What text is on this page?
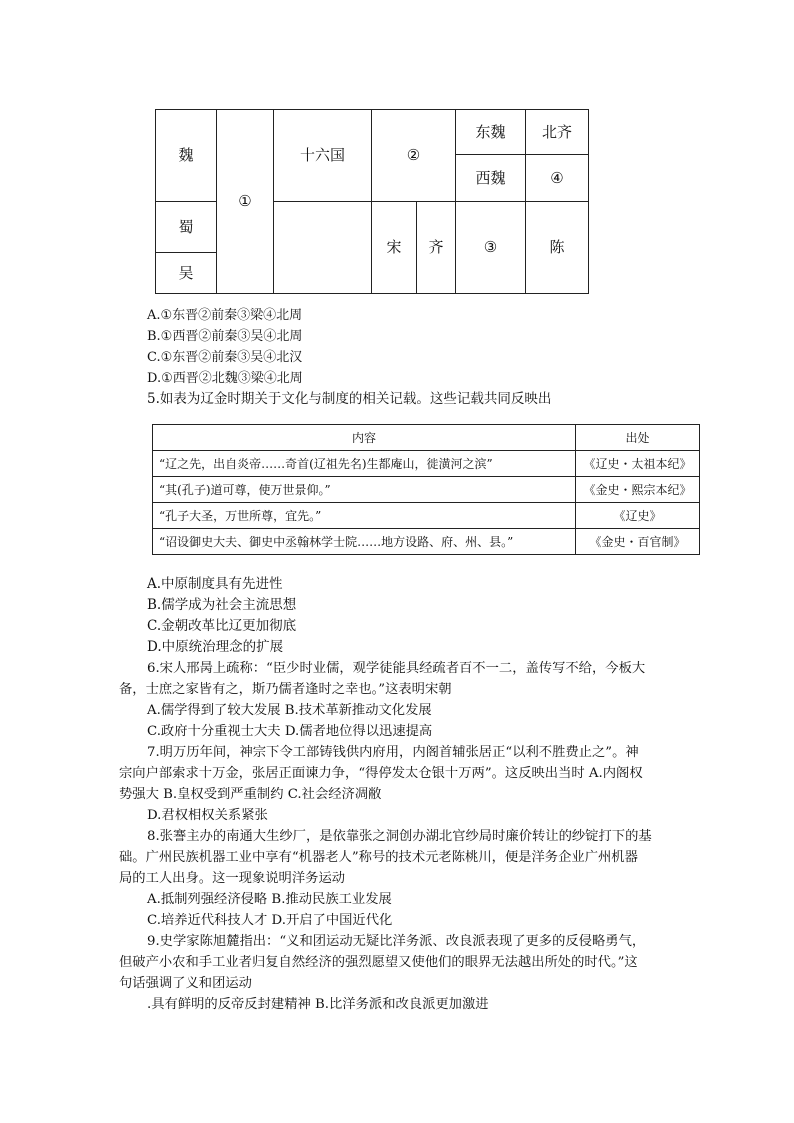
魏	①	十六国	②		东魏	北齐
					西魏	④
蜀			宋	齐	③	陈
吴						
A.①东晋②前秦③梁④北周
B.①西晋②前秦③吴④北周
C.①东晋②前秦③吴④北汉
D.①西晋②北魏③梁④北周
5.如表为辽金时期关于文化与制度的相关记载。这些记载共同反映出
内容	出处
“辽之先，出自炎帝……奇首(辽祖先名)生都庵山，徙潢河之滨”	《辽史・太祖本纪》
“其(孔子)道可尊，使万世景仰。”	《金史・熙宗本纪》
“孔子大圣，万世所尊，宜先。”	《辽史》
“诏设御史大夫、御史中丞翰林学士院……地方设路、府、州、县。”	《金史・百官制》
A.中原制度具有先进性
B.儒学成为社会主流思想
C.金朝改革比辽更加彻底
D.中原统治理念的扩展
6.宋人邢昺上疏称：“臣少时业儒，观学徒能具经疏者百不一二，盖传写不给，今板大
备，士庶之家皆有之，斯乃儒者逢时之幸也。”这表明宋朝
A.儒学得到了较大发展 B.技术革新推动文化发展
C.政府十分重视士大夫 D.儒者地位得以迅速提高
7.明万历年间，神宗下令工部铸钱供内府用，内阁首辅张居正“以利不胜费止之”。神
宗向户部索求十万金，张居正面谏力争，“得停发太仓银十万两”。这反映出当时 A.内阁权
势强大 B.皇权受到严重制约 C.社会经济凋敝
D.君权相权关系紧张
8.张謇主办的南通大生纱厂，是依靠张之洞创办湖北官纱局时廉价转让的纱锭打下的基
础。广州民族机器工业中享有“机器老人”称号的技术元老陈桃川，便是洋务企业广州机器
局的工人出身。这一现象说明洋务运动
A.抵制列强经济侵略 B.推动民族工业发展
C.培养近代科技人才 D.开启了中国近代化
9.史学家陈旭麓指出：“义和团运动无疑比洋务派、改良派表现了更多的反侵略勇气，
但破产小农和手工业者归复自然经济的强烈愿望又使他们的眼界无法越出所处的时代。”这
句话强调了义和团运动
.具有鲜明的反帝反封建精神 B.比洋务派和改良派更加激进
